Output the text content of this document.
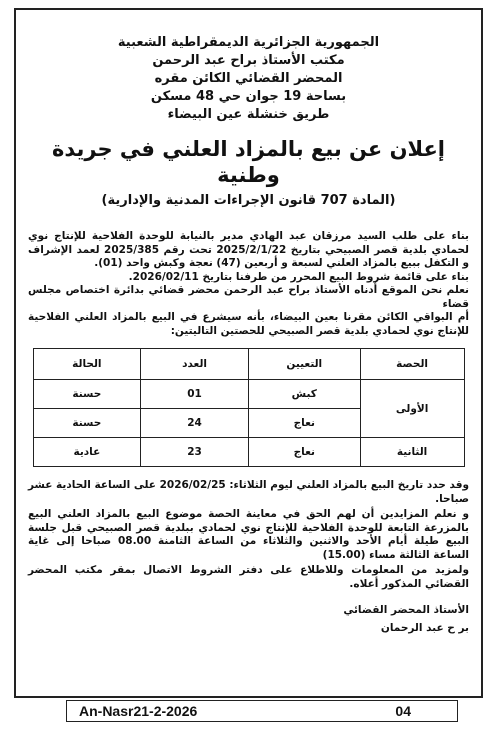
الجمهورية الجزائرية الديمقراطية الشعبية
مكتب الأستاذ براح عبد الرحمن
المحضر القضائي الكائن مقره
بساحة 19 جوان حي 48 مسكن
طريق خنشلة عين البيضاء
إعلان عن بيع بالمزاد العلني في جريدة وطنية
(المادة 707 قانون الإجراءات المدنية والإدارية)
بناء على طلب السيد مرزقان عبد الهادي مدير بالنيابة للوحدة الفلاحية للإنتاج نوي لحمادي بلدية قصر الصبيحي بتاريخ 2025/2/1/22 تحت رقم 2025/385 لعمد الإشراف و التكفل ببيع بالمزاد العلني لسبعة و أربعين (47) نعجة وكبش واحد (01).
بناء على قائمة شروط البيع المحرر من طرفنا بتاريخ 2026/02/11.
نعلم نحن الموقع أدناه الأستاذ براح عبد الرحمن محضر قضائي بدائرة اختصاص مجلس قضاء
أم البواقي الكائن مقرنا بعين البيضاء، بأنه سيشرع في البيع بالمزاد العلني الفلاحية للإنتاج نوي لحمادي بلدية قصر الصبيحي للحصتين التاليتين:
الحصة	التعيين	العدد	الحالة
الأولى	كبش	01	حسنة
	نعاج	24	حسنة
الثانية	نعاج	23	عادية
وقد حدد تاريخ البيع بالمزاد العلني ليوم الثلاثاء: 2026/02/25 على الساعة الحادية عشر صباحا.
و نعلم المزايدين أن لهم الحق في معاينة الحصة موضوع البيع بالمزاد العلني البيع بالمزرعة التابعة للوحدة الفلاحية للإنتاج نوي لحمادي ببلدية قصر الصبيحي قبل جلسة البيع طيلة أيام الأحد والاثنين والثلاثاء من الساعة الثامنة 08.00 صباحا إلى غاية الساعة الثالثة مساء (15.00)
ولمزيد من المعلومات وللاطلاع على دفتر الشروط الاتصال بمقر مكتب المحضر القضائي المذكور أعلاه.
الأستاذ المحضر القضائي
بر ح عبد الرحمان
An-Nasr21-2-2026	04
